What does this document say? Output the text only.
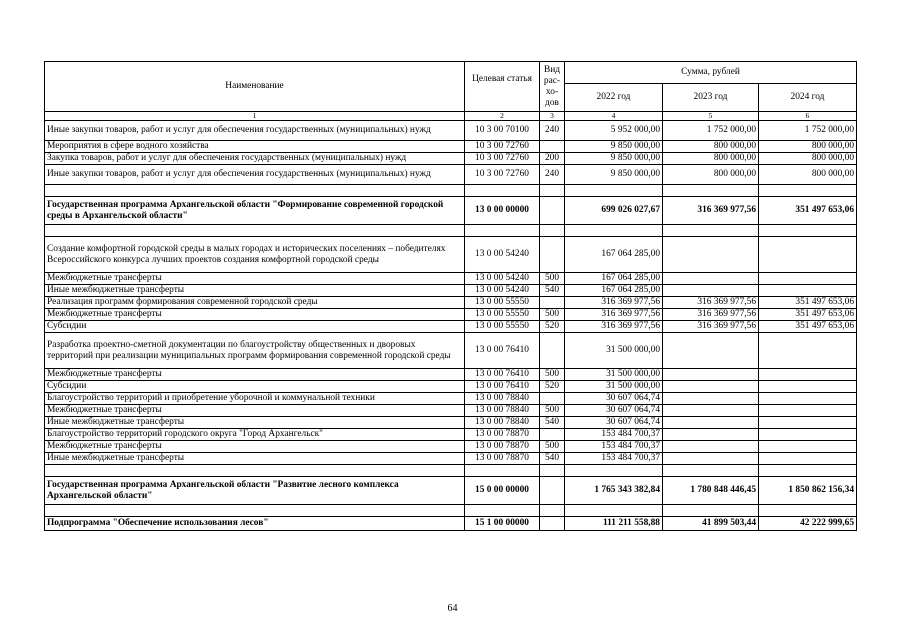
Наименование	Целевая статья	Вид рас-хо-дов	Сумма, рублей		
			2022 год	2023 год	2024 год
1	2	3	4	5	6
Иные закупки товаров, работ и услуг для обеспечения государственных (муниципальных) нужд	10 3 00 70100	240	5 952 000,00	1 752 000,00	1 752 000,00
Мероприятия в сфере водного хозяйства	10 3 00 72760		9 850 000,00	800 000,00	800 000,00
Закупка товаров, работ и услуг для обеспечения государственных (муниципальных) нужд	10 3 00 72760	200	9 850 000,00	800 000,00	800 000,00
Иные закупки товаров, работ и услуг для обеспечения государственных (муниципальных) нужд	10 3 00 72760	240	9 850 000,00	800 000,00	800 000,00

Государственная программа Архангельской области "Формирование современной городской среды в Архангельской области"	13 0 00 00000		699 026 027,67	316 369 977,56	351 497 653,06

Создание комфортной городской среды в малых городах и исторических поселениях – победителях Всероссийского конкурса лучших проектов создания комфортной городской среды	13 0 00 54240		167 064 285,00		
Межбюджетные трансферты	13 0 00 54240	500	167 064 285,00		
Иные межбюджетные трансферты	13 0 00 54240	540	167 064 285,00		
Реализация программ формирования современной городской среды	13 0 00 55550		316 369 977,56	316 369 977,56	351 497 653,06
Межбюджетные трансферты	13 0 00 55550	500	316 369 977,56	316 369 977,56	351 497 653,06
Субсидии	13 0 00 55550	520	316 369 977,56	316 369 977,56	351 497 653,06
Разработка проектно-сметной документации по благоустройству общественных и дворовых территорий при реализации муниципальных программ формирования современной городской среды	13 0 00 76410		31 500 000,00		
Межбюджетные трансферты	13 0 00 76410	500	31 500 000,00		
Субсидии	13 0 00 76410	520	31 500 000,00		
Благоустройство территорий и приобретение уборочной и коммунальной техники	13 0 00 78840		30 607 064,74		
Межбюджетные трансферты	13 0 00 78840	500	30 607 064,74		
Иные межбюджетные трансферты	13 0 00 78840	540	30 607 064,74		
Благоустройство территорий городского округа "Город Архангельск"	13 0 00 78870		153 484 700,37		
Межбюджетные трансферты	13 0 00 78870	500	153 484 700,37		
Иные межбюджетные трансферты	13 0 00 78870	540	153 484 700,37		

Государственная программа Архангельской области "Развитие лесного комплекса Архангельской области"	15 0 00 00000		1 765 343 382,84	1 780 848 446,45	1 850 862 156,34

Подпрограмма "Обеспечение использования лесов"	15 1 00 00000		111 211 558,88	41 899 503,44	42 222 999,65
64
